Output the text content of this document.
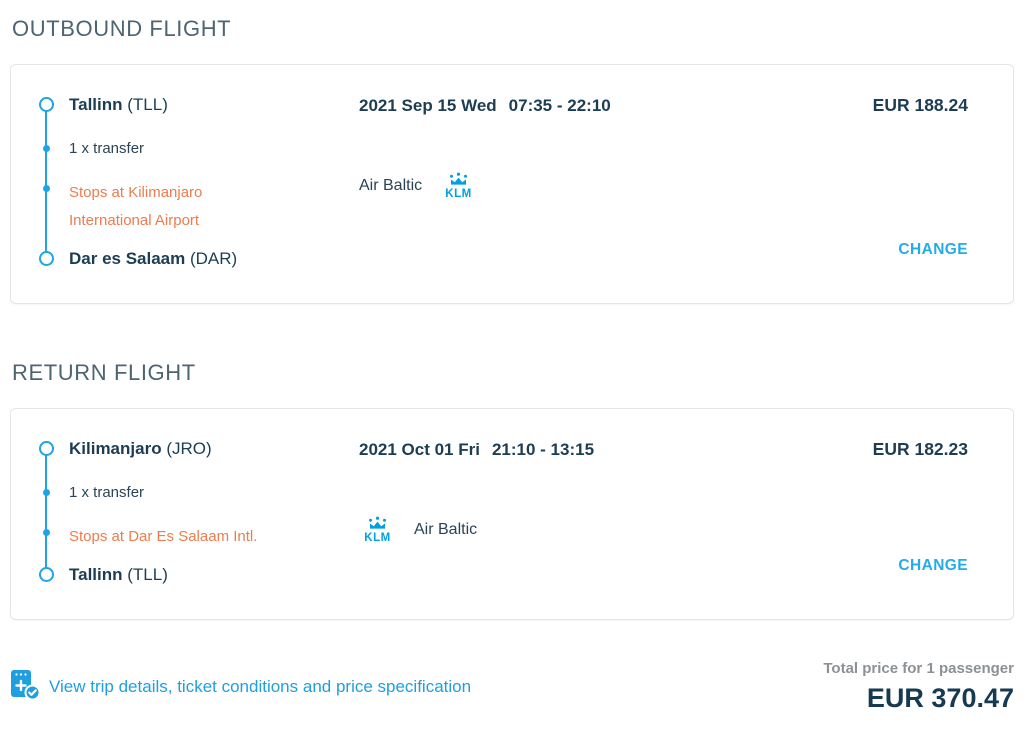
OUTBOUND FLIGHT
Tallinn (TLL)
1 x transfer
Stops at Kilimanjaro International Airport
Dar es Salaam (DAR)
2021 Sep 15 Wed 07:35 - 22:10
Air Baltic
KLM
EUR 188.24
CHANGE
RETURN FLIGHT
Kilimanjaro (JRO)
1 x transfer
Stops at Dar Es Salaam Intl.
Tallinn (TLL)
2021 Oct 01 Fri 21:10 - 13:15
KLM
Air Baltic
EUR 182.23
CHANGE
View trip details, ticket conditions and price specification
Total price for 1 passenger
EUR 370.47
